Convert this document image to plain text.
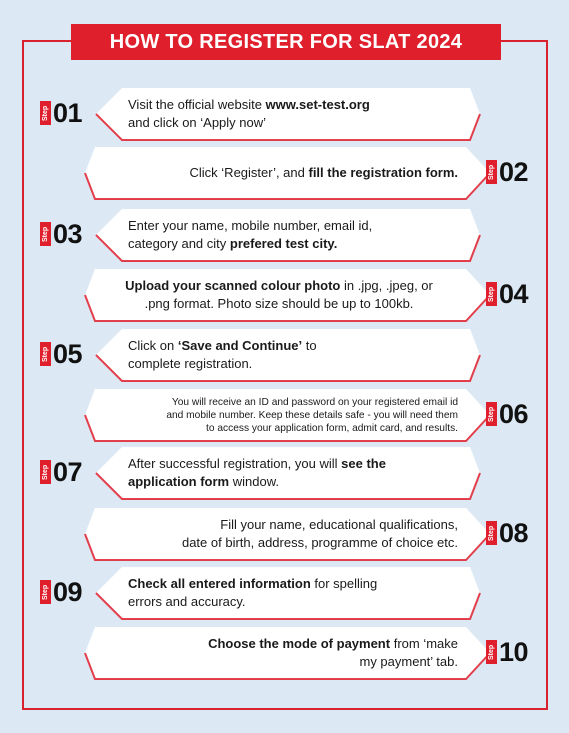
HOW TO REGISTER FOR SLAT 2024
Step 01	Visit the official website www.set-test.org
and click on ‘Apply now’
Step 02
Click ‘Register’, and fill the registration form.
Step 03	Enter your name, mobile number, email id,
category and city prefered test city.
Step 04
Upload your scanned colour photo in .jpg, .jpeg, or
.png format. Photo size should be up to 100kb.
Step 05	Click on ‘Save and Continue’ to
complete registration.
Step 06
You will receive an ID and password on your registered email id
and mobile number. Keep these details safe - you will need them
to access your application form, admit card, and results.
Step 07	After successful registration, you will see the
application form window.
Step 08
Fill your name, educational qualifications,
date of birth, address, programme of choice etc.
Step 09	Check all entered information for spelling
errors and accuracy.
Step 10
Choose the mode of payment from ‘make
my payment’ tab.
